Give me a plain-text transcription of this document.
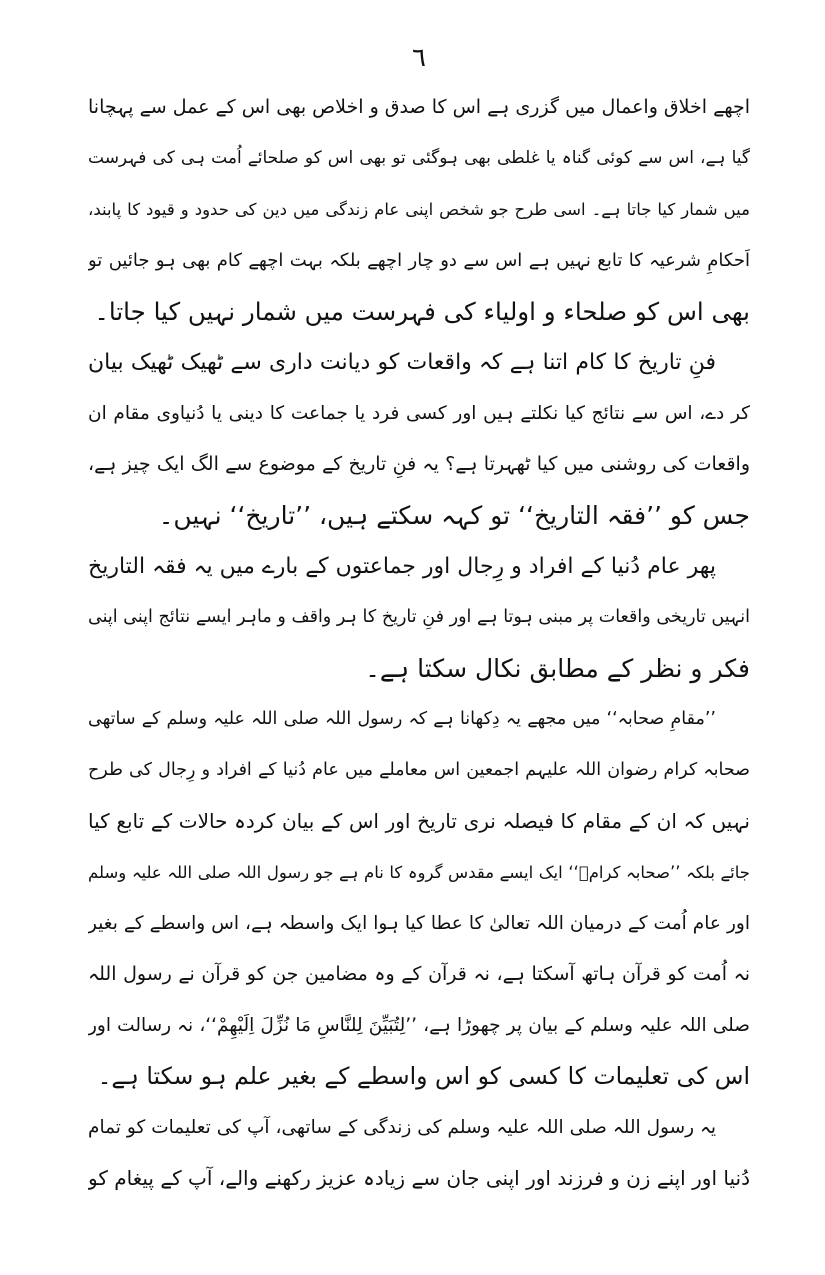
٦
اچھے اخلاق واعمال میں گزری ہے اس کا صدق و اخلاص بھی اس کے عمل سے پہچانا
گیا ہے، اس سے کوئی گناہ یا غلطی بھی ہوگئی تو بھی اس کو صلحائے اُمت ہی کی فہرست
میں شمار کیا جاتا ہے۔ اسی طرح جو شخص اپنی عام زندگی میں دین کی حدود و قیود کا پابند،
اَحکامِ شرعیہ کا تابع نہیں ہے اس سے دو چار اچھے بلکہ بہت اچھے کام بھی ہو جائیں تو
بھی اس کو صلحاء و اولیاء کی فہرست میں شمار نہیں کیا جاتا۔
فنِ تاریخ کا کام اتنا ہے کہ واقعات کو دیانت داری سے ٹھیک ٹھیک بیان
کر دے، اس سے نتائج کیا نکلتے ہیں اور کسی فرد یا جماعت کا دینی یا دُنیاوی مقام ان
واقعات کی روشنی میں کیا ٹھہرتا ہے؟ یہ فنِ تاریخ کے موضوع سے الگ ایک چیز ہے،
جس کو ’’فقہ التاریخ‘‘ تو کہہ سکتے ہیں، ’’تاریخ‘‘ نہیں۔
پھر عام دُنیا کے افراد و رِجال اور جماعتوں کے بارے میں یہ فقہ التاریخ
انہیں تاریخی واقعات پر مبنی ہوتا ہے اور فنِ تاریخ کا ہر واقف و ماہر ایسے نتائج اپنی اپنی
فکر و نظر کے مطابق نکال سکتا ہے۔
’’مقامِ صحابہ‘‘ میں مجھے یہ دِکھانا ہے کہ رسول اللہ صلی اللہ علیہ وسلم کے ساتھی
صحابہ کرام رضوان اللہ علیہم اجمعین اس معاملے میں عام دُنیا کے افراد و رِجال کی طرح
نہیں کہ ان کے مقام کا فیصلہ نری تاریخ اور اس کے بیان کردہ حالات کے تابع کیا
جائے بلکہ ’’صحابہ کرامؓ‘‘ ایک ایسے مقدس گروہ کا نام ہے جو رسول اللہ صلی اللہ علیہ وسلم
اور عام اُمت کے درمیان اللہ تعالیٰ کا عطا کیا ہوا ایک واسطہ ہے، اس واسطے کے بغیر
نہ اُمت کو قرآن ہاتھ آسکتا ہے، نہ قرآن کے وہ مضامین جن کو قرآن نے رسول اللہ
صلی اللہ علیہ وسلم کے بیان پر چھوڑا ہے، ’’لِتُبَیِّنَ لِلنَّاسِ مَا نُزِّلَ اِلَیْھِمْ‘‘، نہ رسالت اور
اس کی تعلیمات کا کسی کو اس واسطے کے بغیر علم ہو سکتا ہے۔
یہ رسول اللہ صلی اللہ علیہ وسلم کی زندگی کے ساتھی، آپ کی تعلیمات کو تمام
دُنیا اور اپنے زن و فرزند اور اپنی جان سے زیادہ عزیز رکھنے والے، آپ کے پیغام کو
